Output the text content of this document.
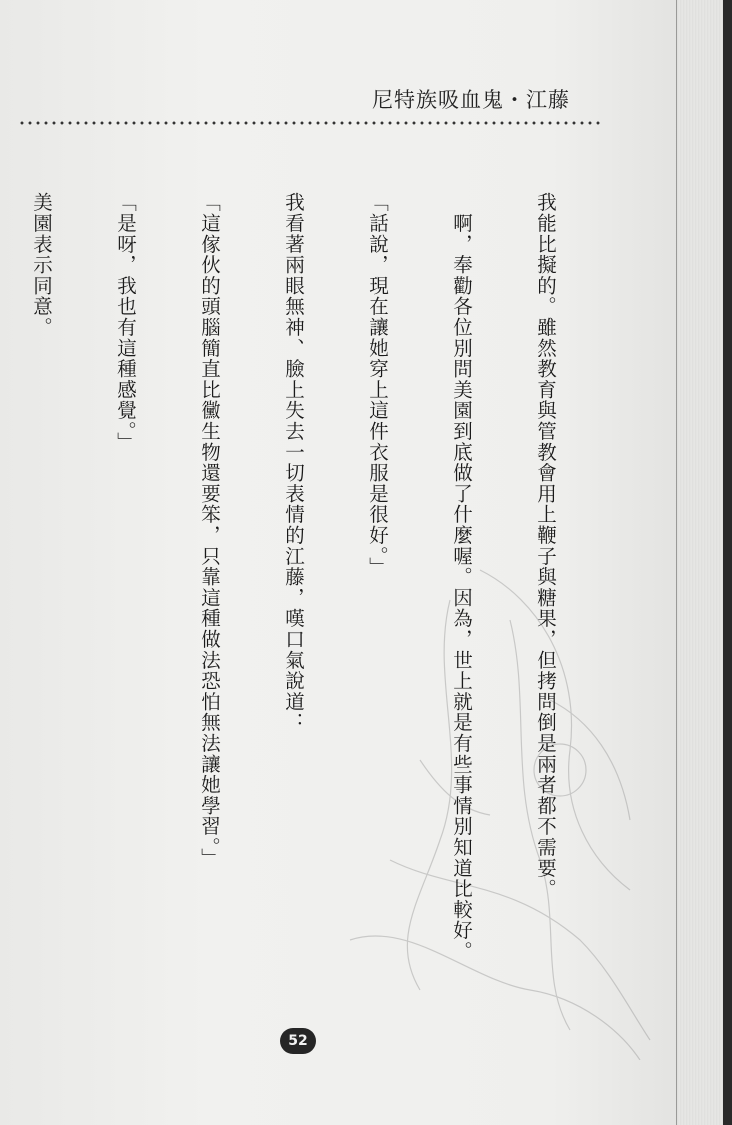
尼特族吸血鬼・江藤

我能比擬的。雖然教育與管教會用上鞭子與糖果，但拷問倒是兩者都不需要。

　啊，奉勸各位別問美園到底做了什麼喔。因為，世上就是有些事情別知道比較好。

「話說，現在讓她穿上這件衣服是很好。」

我看著兩眼無神、臉上失去一切表情的江藤，嘆口氣說道：

「這傢伙的頭腦簡直比黴生物還要笨，只靠這種做法恐怕無法讓她學習。」

「是呀，我也有這種感覺。」

美園表示同意。

52
